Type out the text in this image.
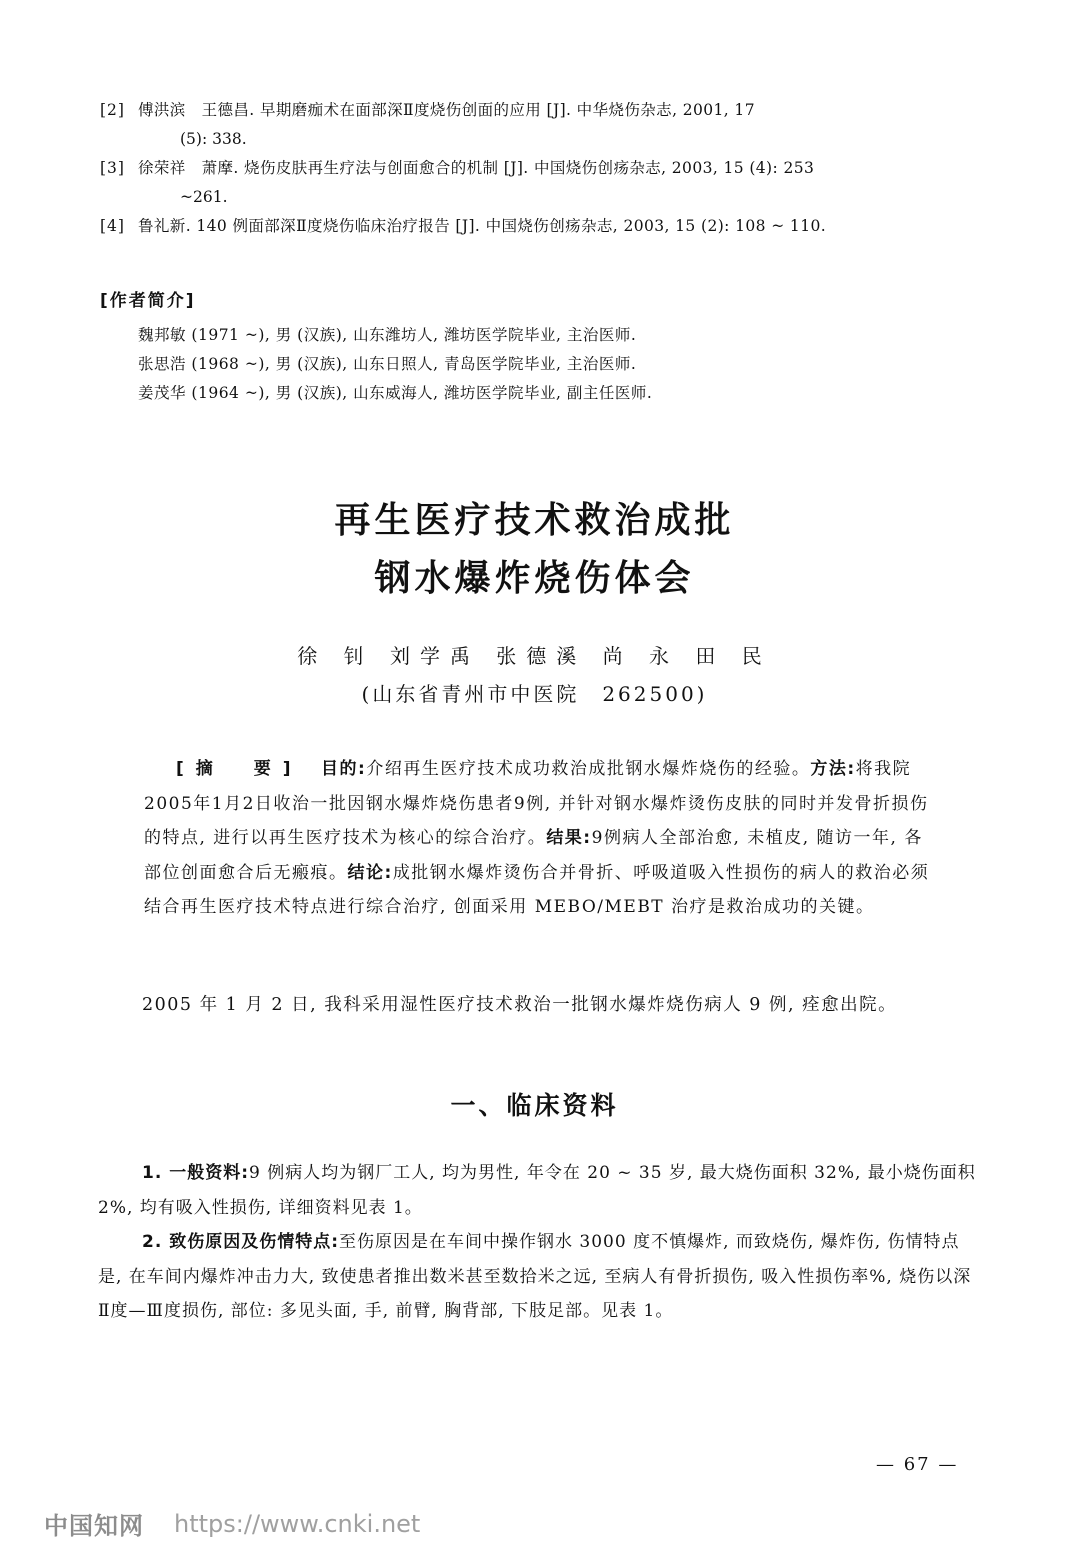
[2] 傅洪滨　王德昌. 早期磨痂术在面部深Ⅱ度烧伤创面的应用 [J]. 中华烧伤杂志, 2001, 17
(5): 338.
[3] 徐荣祥　萧摩. 烧伤皮肤再生疗法与创面愈合的机制 [J]. 中国烧伤创疡杂志, 2003, 15 (4): 253
~261.
[4] 鲁礼新. 140 例面部深Ⅱ度烧伤临床治疗报告 [J]. 中国烧伤创疡杂志, 2003, 15 (2): 108 ~ 110.
[作者简介]
魏邦敏 (1971 ~), 男 (汉族), 山东潍坊人, 潍坊医学院毕业, 主治医师.
张思浩 (1968 ~), 男 (汉族), 山东日照人, 青岛医学院毕业, 主治医师.
姜茂华 (1964 ~), 男 (汉族), 山东威海人, 潍坊医学院毕业, 副主任医师.
再生医疗技术救治成批
钢水爆炸烧伤体会
徐 钊 刘学禹 张德溪 尚 永 田 民
(山东省青州市中医院　262500)

[摘　要]　 目的:介绍再生医疗技术成功救治成批钢水爆炸烧伤的经验。方法:将我院2005年1月2日收治一批因钢水爆炸烧伤患者9例, 并针对钢水爆炸烫伤皮肤的同时并发骨折损伤的特点, 进行以再生医疗技术为核心的综合治疗。结果:9例病人全部治愈, 未植皮, 随访一年, 各部位创面愈合后无瘢痕。结论:成批钢水爆炸烫伤合并骨折、呼吸道吸入性损伤的病人的救治必须结合再生医疗技术特点进行综合治疗, 创面采用 MEBO/MEBT 治疗是救治成功的关键。

2005 年 1 月 2 日, 我科采用湿性医疗技术救治一批钢水爆炸烧伤病人 9 例, 痊愈出院。

一、临床资料

1. 一般资料:9 例病人均为钢厂工人, 均为男性, 年令在 20 ~ 35 岁, 最大烧伤面积 32%, 最小烧伤面积 2%, 均有吸入性损伤, 详细资料见表 1。

2. 致伤原因及伤情特点:至伤原因是在车间中操作钢水 3000 度不慎爆炸, 而致烧伤, 爆炸伤, 伤情特点是, 在车间内爆炸冲击力大, 致使患者推出数米甚至数拾米之远, 至病人有骨折损伤, 吸入性损伤率%, 烧伤以深Ⅱ度—Ⅲ度损伤, 部位: 多见头面, 手, 前臂, 胸背部, 下肢足部。见表 1。

— 67 —
中国知网 https://www.cnki.net
